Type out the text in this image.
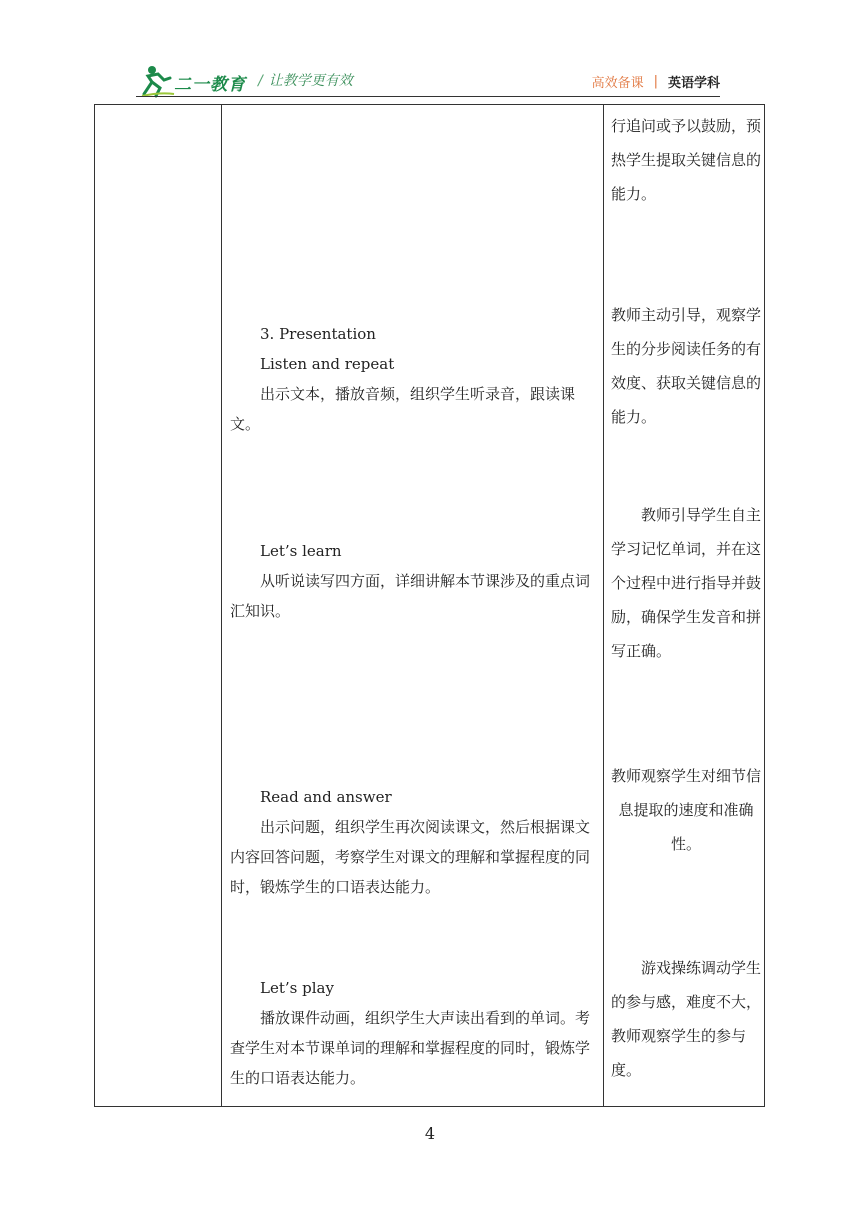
二一教育 / 让教学更有效	高效备课 | 英语学科
行追问或予以鼓励，预热学生提取关键信息的能力。
3. Presentation
Listen and repeat
出示文本，播放音频，组织学生听录音，跟读课文。
教师主动引导，观察学生的分步阅读任务的有效度、获取关键信息的能力。
Let’s learn
从听说读写四方面，详细讲解本节课涉及的重点词汇知识。
教师引导学生自主学习记忆单词，并在这个过程中进行指导并鼓励，确保学生发音和拼写正确。
Read and answer
出示问题，组织学生再次阅读课文，然后根据课文内容回答问题，考察学生对课文的理解和掌握程度的同时，锻炼学生的口语表达能力。
教师观察学生对细节信息提取的速度和准确性。
Let’s play
播放课件动画，组织学生大声读出看到的单词。考查学生对本节课单词的理解和掌握程度的同时，锻炼学生的口语表达能力。
游戏操练调动学生的参与感，难度不大，教师观察学生的参与度。
4
